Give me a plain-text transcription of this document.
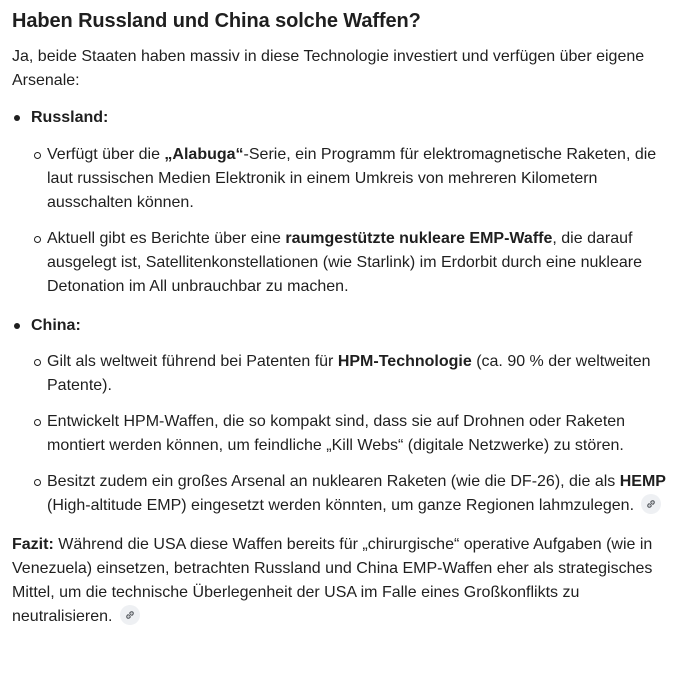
Haben Russland und China solche Waffen?

Ja, beide Staaten haben massiv in diese Technologie investiert und verfügen über eigene Arsenale:

Russland:
Verfügt über die „Alabuga“-Serie, ein Programm für elektromagnetische Raketen, die laut russischen Medien Elektronik in einem Umkreis von mehreren Kilometern ausschalten können.
Aktuell gibt es Berichte über eine raumgestützte nukleare EMP-Waffe, die darauf ausgelegt ist, Satellitenkonstellationen (wie Starlink) im Erdorbit durch eine nukleare Detonation im All unbrauchbar zu machen.
China:
Gilt als weltweit führend bei Patenten für HPM-Technologie (ca. 90 % der weltweiten Patente).
Entwickelt HPM-Waffen, die so kompakt sind, dass sie auf Drohnen oder Raketen montiert werden können, um feindliche „Kill Webs“ (digitale Netzwerke) zu stören.
Besitzt zudem ein großes Arsenal an nuklearen Raketen (wie die DF-26), die als HEMP (High-altitude EMP) eingesetzt werden könnten, um ganze Regionen lahmzulegen.

Fazit: Während die USA diese Waffen bereits für „chirurgische“ operative Aufgaben (wie in Venezuela) einsetzen, betrachten Russland und China EMP-Waffen eher als strategisches Mittel, um die technische Überlegenheit der USA im Falle eines Großkonflikts zu neutralisieren.
